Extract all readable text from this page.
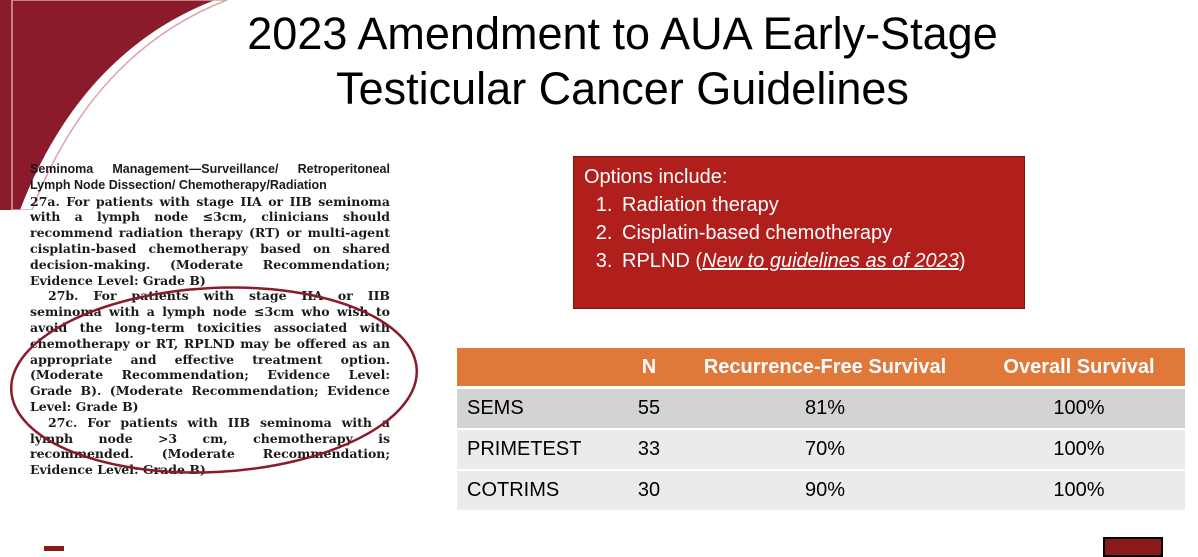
2023 Amendment to AUA Early-Stage
Testicular Cancer Guidelines

Seminoma Management—Surveillance/ Retroperitoneal Lymph Node Dissection/ Chemotherapy/Radiation

27a. For patients with stage IIA or IIB seminoma with a lymph node ≤3cm, clinicians should recommend radiation therapy (RT) or multi-agent cisplatin-based chemotherapy based on shared decision-making. (Moderate Recommendation; Evidence Level: Grade B)

27b. For patients with stage IIA or IIB seminoma with a lymph node ≤3cm who wish to avoid the long-term toxicities associated with chemotherapy or RT, RPLND may be offered as an appropriate and effective treatment option. (Moderate Recommendation; Evidence Level: Grade B). (Moderate Recommendation; Evidence Level: Grade B)

27c. For patients with IIB seminoma with a lymph node >3 cm, chemotherapy is recommended. (Moderate Recommendation; Evidence Level: Grade B)

Options include:
1. Radiation therapy
2. Cisplatin-based chemotherapy
3. RPLND (New to guidelines as of 2023)
	N	Recurrence-Free Survival	Overall Survival
SEMS	55	81%	100%
PRIMETEST	33	70%	100%
COTRIMS	30	90%	100%
